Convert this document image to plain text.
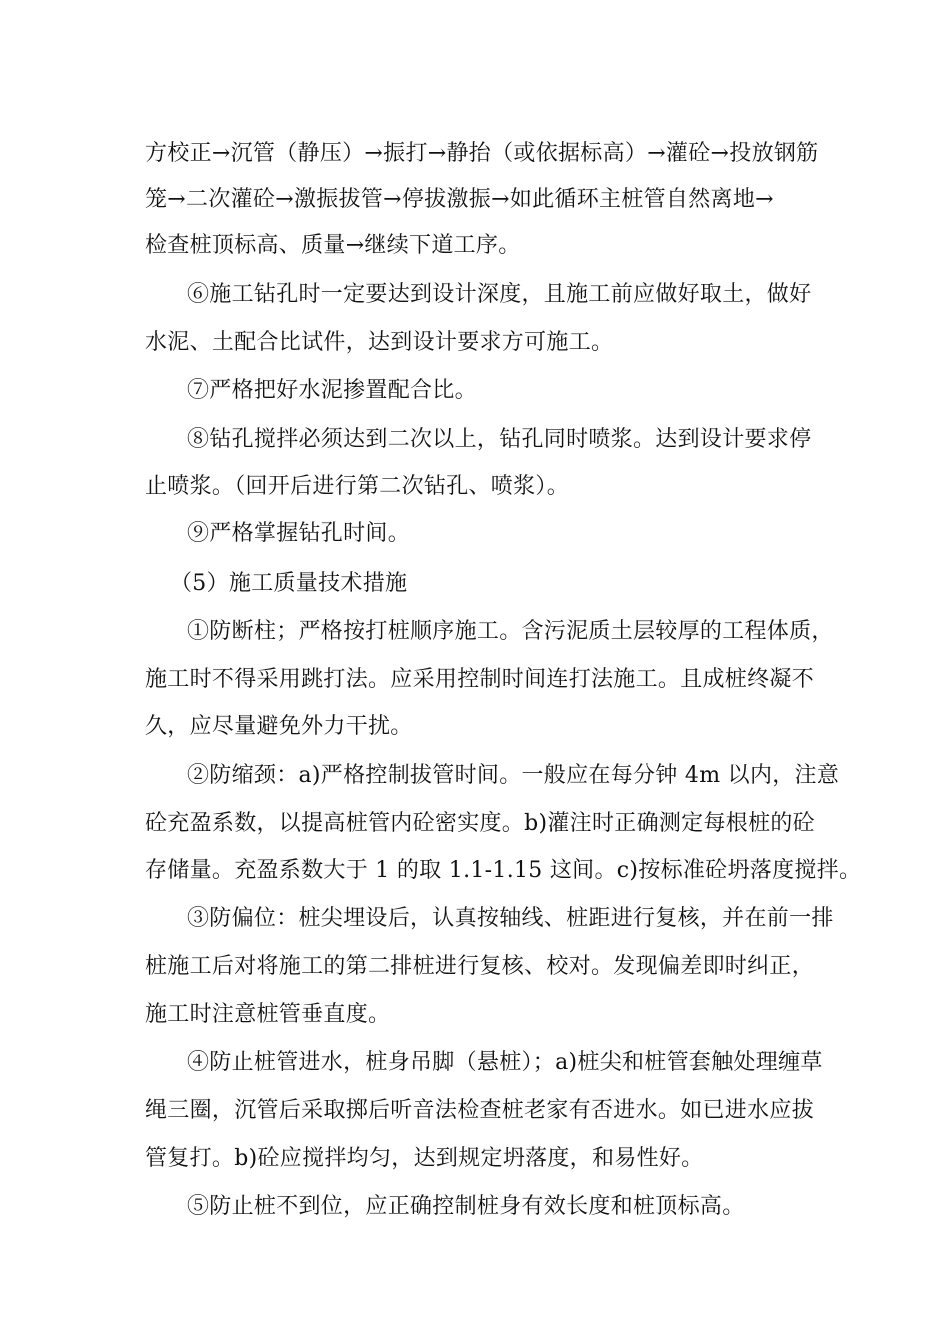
方校正→沉管（静压）→振打→静抬（或依据标高）→灌砼→投放钢筋
笼→二次灌砼→激振拔管→停拔激振→如此循环主桩管自然离地→
检查桩顶标高、质量→继续下道工序。
⑥施工钻孔时一定要达到设计深度，且施工前应做好取土，做好
水泥、土配合比试件，达到设计要求方可施工。
⑦严格把好水泥掺置配合比。
⑧钻孔搅拌必须达到二次以上，钻孔同时喷浆。达到设计要求停
止喷浆。（回开后进行第二次钻孔、喷浆）。
⑨严格掌握钻孔时间。
（5）施工质量技术措施
①防断柱；严格按打桩顺序施工。含污泥质土层较厚的工程体质，
施工时不得采用跳打法。应采用控制时间连打法施工。且成桩终凝不
久，应尽量避免外力干扰。
②防缩颈：a)严格控制拔管时间。一般应在每分钟 4m 以内，注意
砼充盈系数，以提高桩管内砼密实度。b)灌注时正确测定每根桩的砼
存储量。充盈系数大于 1 的取 1.1-1.15 这间。c)按标准砼坍落度搅拌。
③防偏位：桩尖埋设后，认真按轴线、桩距进行复核，并在前一排
桩施工后对将施工的第二排桩进行复核、校对。发现偏差即时纠正，
施工时注意桩管垂直度。
④防止桩管进水，桩身吊脚（悬桩）；a)桩尖和桩管套触处理缠草
绳三圈，沉管后采取掷后听音法检查桩老家有否进水。如已进水应拔
管复打。b)砼应搅拌均匀，达到规定坍落度，和易性好。
⑤防止桩不到位，应正确控制桩身有效长度和桩顶标高。
